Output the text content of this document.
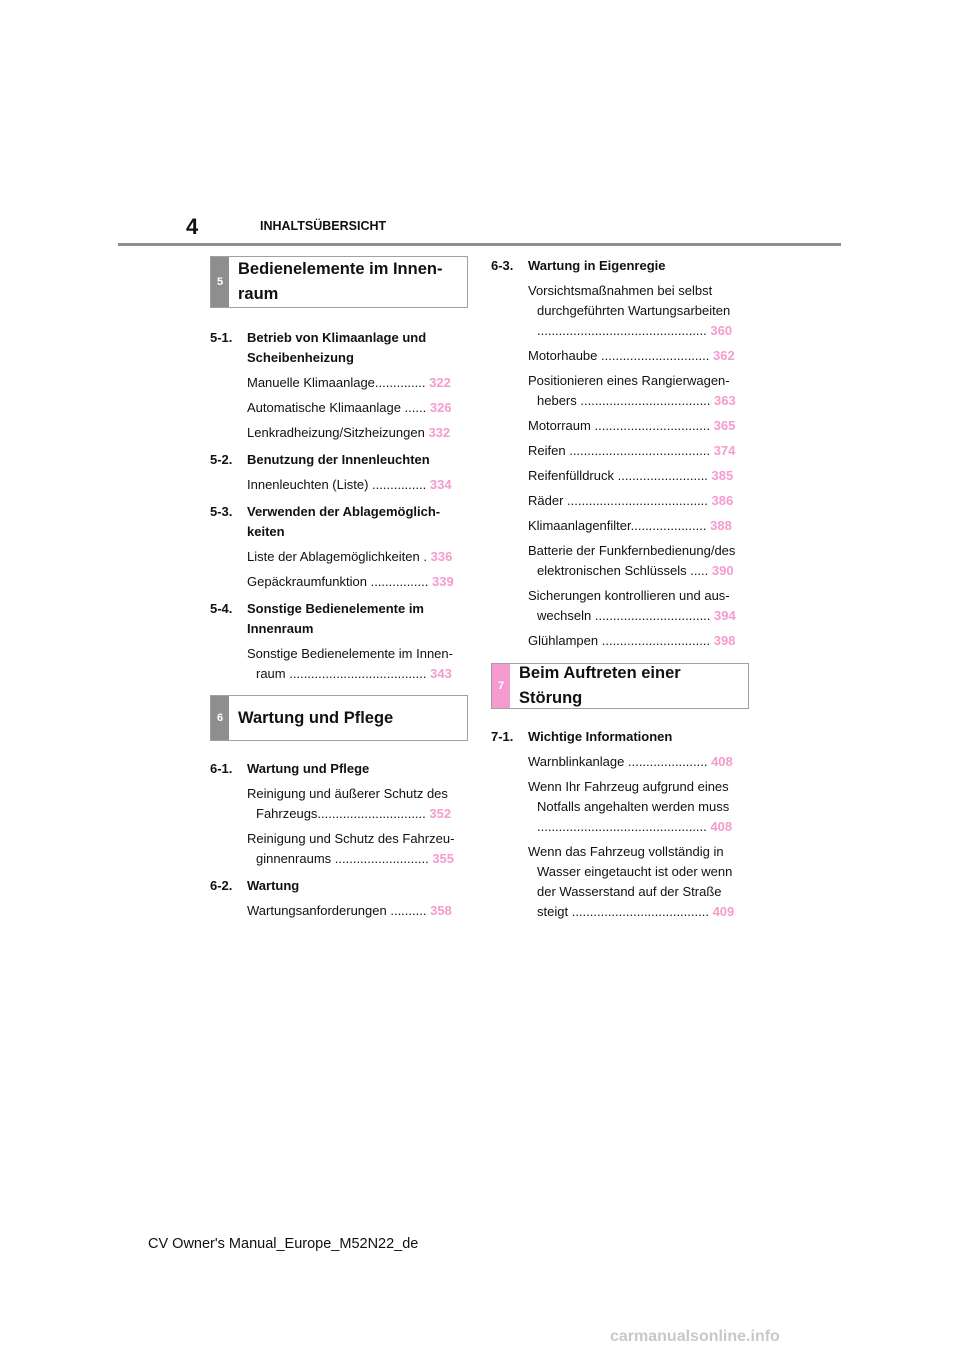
4	INHALTSÜBERSICHT
5
Bedienelemente im Innen-
raum
5-1.	Betrieb von Klimaanlage und
Scheibenheizung
Manuelle Klimaanlage.............. 322
Automatische Klimaanlage ...... 326
Lenkradheizung/Sitzheizungen 332
5-2.	Benutzung der Innenleuchten
Innenleuchten (Liste) ............... 334
5-3.	Verwenden der Ablagemöglich-
keiten
Liste der Ablagemöglichkeiten . 336
Gepäckraumfunktion ................ 339
5-4.	Sonstige Bedienelemente im
Innenraum
Sonstige Bedienelemente im Innen-
raum ...................................... 343
6 Wartung und Pflege
6-1.	Wartung und Pflege
Reinigung und äußerer Schutz des
Fahrzeugs.............................. 352
Reinigung und Schutz des Fahrzeu-
ginnenraums .......................... 355
6-2.	Wartung
Wartungsanforderungen .......... 358
6-3.	Wartung in Eigenregie
Vorsichtsmaßnahmen bei selbst
durchgeführten Wartungsarbeiten
............................................... 360
Motorhaube .............................. 362
Positionieren eines Rangierwagen-
hebers .................................... 363
Motorraum ................................ 365
Reifen ....................................... 374
Reifenfülldruck ......................... 385
Räder ....................................... 386
Klimaanlagenfilter..................... 388
Batterie der Funkfernbedienung/des
elektronischen Schlüssels ..... 390
Sicherungen kontrollieren und aus-
wechseln ................................ 394
Glühlampen .............................. 398
7
Beim Auftreten einer Störung
7-1.	Wichtige Informationen
Warnblinkanlage ...................... 408
Wenn Ihr Fahrzeug aufgrund eines
Notfalls angehalten werden muss
............................................... 408
Wenn das Fahrzeug vollständig in
Wasser eingetaucht ist oder wenn
der Wasserstand auf der Straße
steigt ...................................... 409
CV Owner's Manual_Europe_M52N22_de
carmanualsonline.info
